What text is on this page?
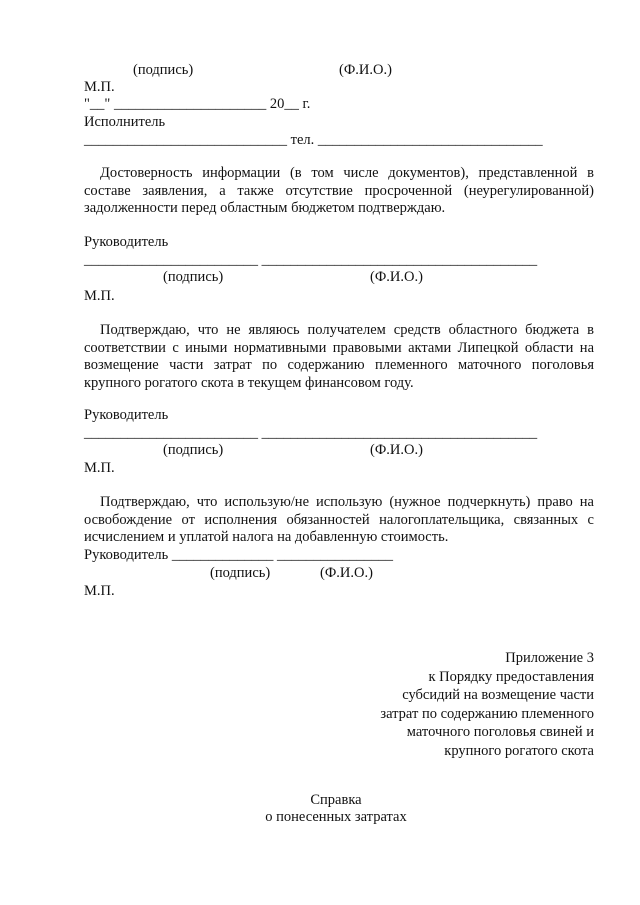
(подпись)	(Ф.И.О.)
М.П.
"__" _____________________ 20__ г.
Исполнитель
____________________________ тел. _______________________________

Достоверность информации (в том числе документов), представленной в составе заявления, а также отсутствие просроченной (неурегулированной) задолженности перед областным бюджетом подтверждаю.

Руководитель
________________________ ______________________________________
(подпись)	(Ф.И.О.)
М.П.

Подтверждаю, что не являюсь получателем средств областного бюджета в соответствии с иными нормативными правовыми актами Липецкой области на возмещение части затрат по содержанию племенного маточного поголовья крупного рогатого скота в текущем финансовом году.

Руководитель
________________________ ______________________________________
(подпись)	(Ф.И.О.)
М.П.

Подтверждаю, что использую/не использую (нужное подчеркнуть) право на освобождение от исполнения обязанностей налогоплательщика, связанных с исчислением и уплатой налога на добавленную стоимость.

Руководитель ______________ ________________
(подпись)	(Ф.И.О.)
М.П.
Приложение 3
к Порядку предоставления
субсидий на возмещение части
затрат по содержанию племенного
маточного поголовья свиней и
крупного рогатого скота
Справка
о понесенных затратах
